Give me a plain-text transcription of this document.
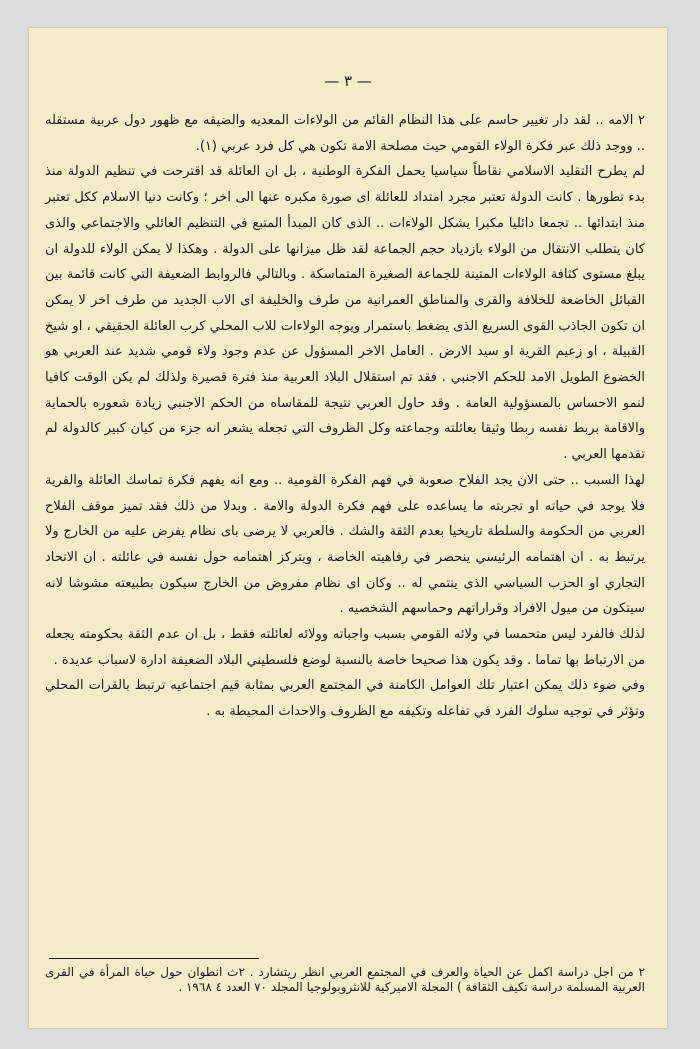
— ٣ —

٢ الامه .. لقد دار تغيير حاسم على هذا النظام القائم من الولاءات المعديه والضيقه مع ظهور دول عربية مستقله .. ووجد ذلك عبر فكرة الولاء القومي حيث مصلحة الامة تكون هي كل فرد عربي (١).

لم يطرح التقليد الاسلامي نقاطاً سياسيا يحمل الفكرة الوطنية ، بل ان العائلة قد اقترحت في تنظيم الدولة منذ بدء تطورها . كانت الدولة تعتبر مجرد امتداد للعائلة اى صورة مكبره عنها الى اخر ؛ وكانت دنيا الاسلام ككل تعتبر منذ ابتدائها .. تجمعا دائليا مكبرا يشكل الولاءات .. الذى كان المبدأ المتبع في التنظيم العائلي والاجتماعي والذى كان يتطلب الانتقال من الولاء بازدياد حجم الجماعة لقد ظل ميزانها على الدولة . وهكذا لا يمكن الولاء للدولة ان يبلغ مستوى كثافة الولاءات المتينة للجماعة الصغيرة المتماسكة . وبالتالي فالروابط الضعيفة التي كانت قائمة بين القبائل الخاضعة للخلافة والقرى والمناطق العمرانية من طرف والخليفة اى الاب الجديد من طرف اخر لا يمكن ان تكون الجاذب القوى السريع الذى يضغط باستمرار ويوجه الولاءات للاب المحلي كرب العائلة الحقيقي ، او شيخ القبيلة ، او زعيم القرية او سيد الارض . العامل الاخر المسؤول عن عدم وجود ولاء قومي شديد عند العربي هو الخضوع الطويل الامد للحكم الاجنبي . فقد تم استقلال البلاد العربية منذ فترة قصيرة ولذلك لم يكن الوقت كافيا لنمو الاحساس بالمسؤولية العامة . وقد حاول العربي نتيجة للمقاساه من الحكم الاجنبي زيادة شعوره بالحماية والاقامة بربط نفسه ربطا وثيقا بعائلته وجماعته وكل الظروف التي تجعله يشعر انه جزء من كيان كبير كالدولة لم تقدمها العربي .

لهذا السبب .. حتى الان يجد الفلاح صعوبة في فهم الفكرة القومية .. ومع انه يفهم فكرة تماسك العائلة والقرية فلا يوجد في حياته او تجربته ما يساعده على فهم فكرة الدولة والامة . وبدلا من ذلك فقد تميز موقف الفلاح العربي من الحكومة والسلطة تاريخيا بعدم الثقة والشك . فالعربي لا يرضى باى نظام يفرض عليه من الخارج ولا يرتبط به . ان اهتمامه الرئيسي ينحصر في رفاهيته الخاصة ، ويتركز اهتمامه حول نفسه في عائلته . ان الاتحاد التجاري او الحزب السياسي الذى ينتمي له .. وكان اى نظام مفروض من الخارج سيكون بطبيعته مشوشا لانه سيتكون من ميول الافراد وقراراتهم وحماسهم الشخصيه .

لذلك فالفرد ليس متحمسا في ولائه القومي بسبب واجباته وولائه لعائلته فقط ، بل ان عدم الثقة بحكومته يجعله من الارتباط بها تماما . وقد يكون هذا صحيحا خاصة بالنسبة لوضع فلسطيني البلاد الضعيفة ادارة لاسباب عديدة .

وفي ضوء ذلك يمكن اعتبار تلك العوامل الكامنة في المجتمع العربي بمثابة قيم اجتماعيه ترتبط بالقرات المحلي وتؤثر في توجيه سلوك الفرد في تفاعله وتكيفه مع الظروف والاحداث المحيطة به .

٢ من اجل دراسة اكمل عن الحياة والعرف في المجتمع العربي انظر ريتشارد . ٢ث انطوان حول حياة المرأة في القرى العربية المسلمة دراسة تكيف الثقافة ) المجلة الاميركية للانثروبولوجيا المجلد ٧٠ العدد ٤ ١٩٦٨ .
